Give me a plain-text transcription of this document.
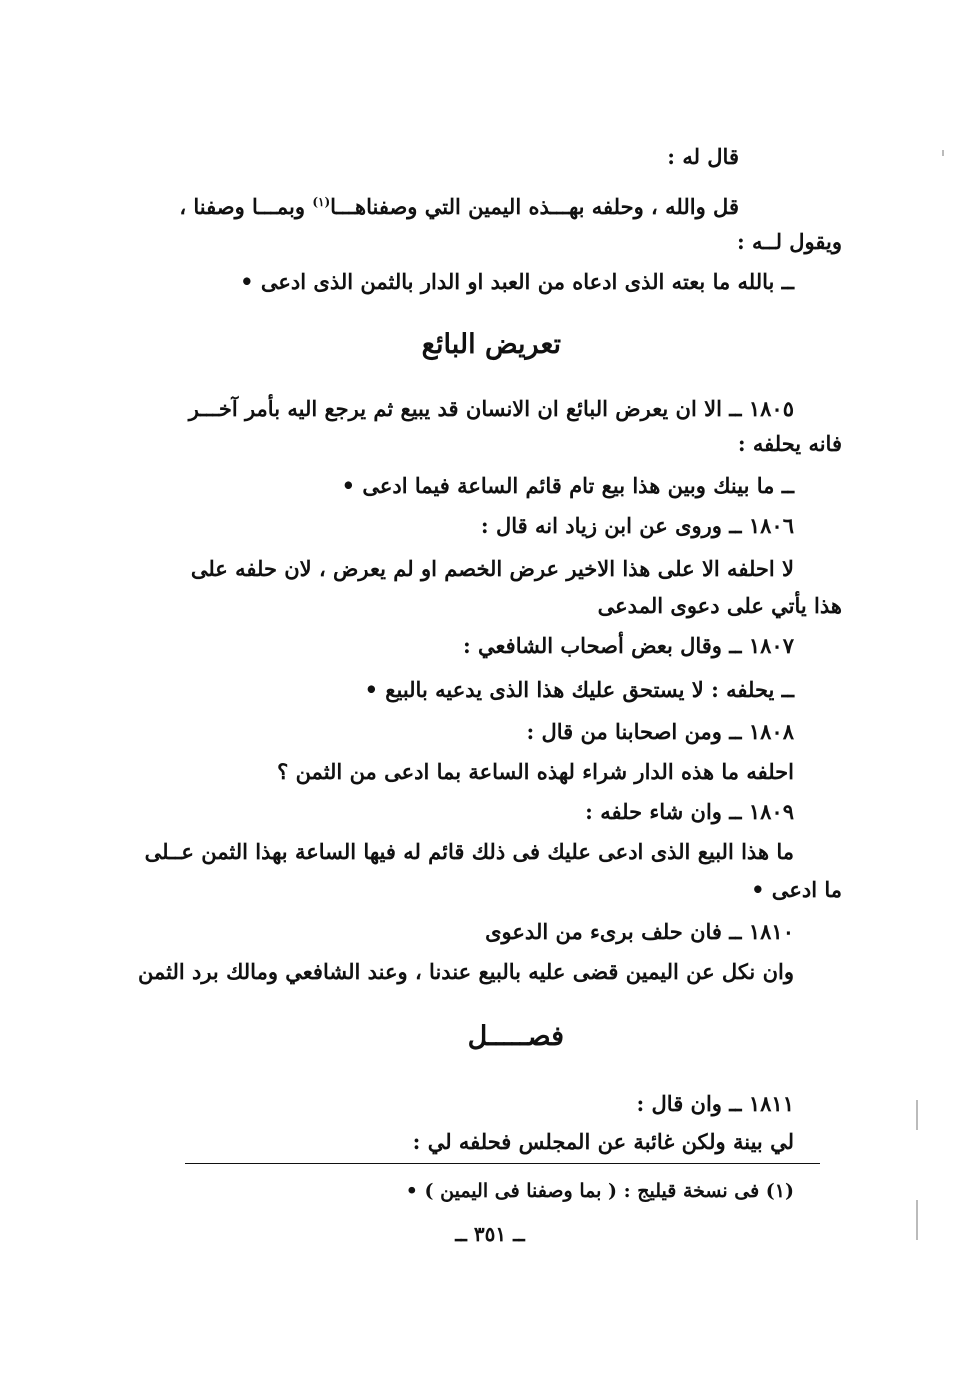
قال له :
قل والله ، وحلفه بهـــذه اليمين التي وصفناهـــا$^{(١)}$ وبمـــا وصفنا ،
ويقول لــه :
ــ بالله ما بعته الذى ادعاه من العبد او الدار بالثمن الذى ادعى •
تعريض البائع
١٨٠٥ ــ الا ان يعرض البائع ان الانسان قد يبيع ثم يرجع اليه بأمر آخـــر
فانه يحلفه :
ــ ما بينك وبين هذا بيع تام قائم الساعة فيما ادعى •
١٨٠٦ ــ وروى عن ابن زياد انه قال :
لا احلفه الا على هذا الاخير عرض الخصم او لم يعرض ، لان حلفه على
هذا يأتي على دعوى المدعى
١٨٠٧ ــ وقال بعض أصحاب الشافعي :
ــ يحلفه : لا يستحق عليك هذا الذى يدعيه بالبيع •
١٨٠٨ ــ ومن اصحابنا من قال :
احلفه ما هذه الدار شراء لهذه الساعة بما ادعى من الثمن ؟
١٨٠٩ ــ وان شاء حلفه :
ما هذا البيع الذى ادعى عليك فى ذلك قائم له فيها الساعة بهذا الثمن عــلى
ما ادعى •
١٨١٠ ــ فان حلف برىء من الدعوى
وان نكل عن اليمين قضى عليه بالبيع عندنا ، وعند الشافعي ومالك برد الثمن
فصـــــل
١٨١١ ــ وان قال :
لي بينة ولكن غائبة عن المجلس فحلفه لي :
(١) فى نسخة قيليج : ( بما وصفنا فى اليمين ) •
ــ ٣٥١ ــ
